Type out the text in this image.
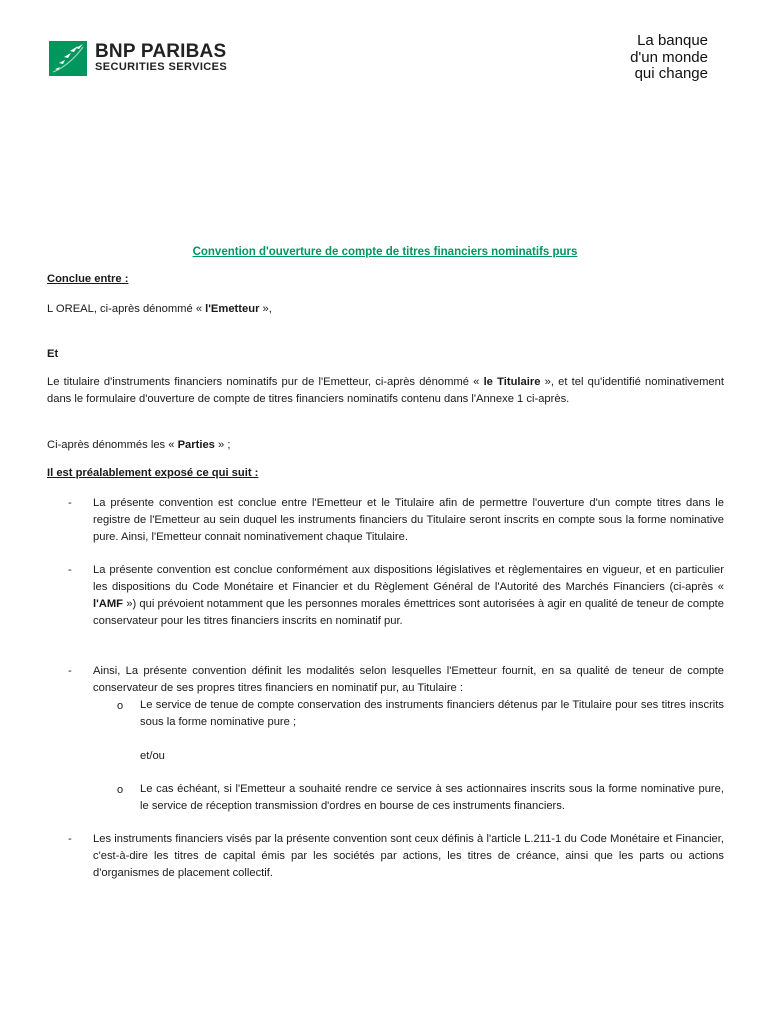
BNP PARIBAS
SECURITIES SERVICES
La banque
d'un monde
qui change
Convention d'ouverture de compte de titres financiers nominatifs purs
Conclue entre :
L OREAL, ci-après dénommé « l'Emetteur »,
Et
Le titulaire d'instruments financiers nominatifs pur de l'Emetteur, ci-après dénommé « le Titulaire », et tel qu'identifié nominativement dans le formulaire d'ouverture de compte de titres financiers nominatifs contenu dans l'Annexe 1 ci-après.
Ci-après dénommés les « Parties » ;
Il est préalablement exposé ce qui suit :
- La présente convention est conclue entre l'Emetteur et le Titulaire afin de permettre l'ouverture d'un compte titres dans le registre de l'Emetteur au sein duquel les instruments financiers du Titulaire seront inscrits en compte sous la forme nominative pure. Ainsi, l'Emetteur connait nominativement chaque Titulaire.
- La présente convention est conclue conformément aux dispositions législatives et règlementaires en vigueur, et en particulier les dispositions du Code Monétaire et Financier et du Règlement Général de l'Autorité des Marchés Financiers (ci-après « l'AMF ») qui prévoient notamment que les personnes morales émettrices sont autorisées à agir en qualité de teneur de compte conservateur pour les titres financiers inscrits en nominatif pur.
- Ainsi, La présente convention définit les modalités selon lesquelles l'Emetteur fournit, en sa qualité de teneur de compte conservateur de ses propres titres financiers en nominatif pur, au Titulaire :
o Le service de tenue de compte conservation des instruments financiers détenus par le Titulaire pour ses titres inscrits sous la forme nominative pure ;
et/ou
o Le cas échéant, si l'Emetteur a souhaité rendre ce service à ses actionnaires inscrits sous la forme nominative pure, le service de réception transmission d'ordres en bourse de ces instruments financiers.
- Les instruments financiers visés par la présente convention sont ceux définis à l'article L.211-1 du Code Monétaire et Financier, c'est-à-dire les titres de capital émis par les sociétés par actions, les titres de créance, ainsi que les parts ou actions d'organismes de placement collectif.
